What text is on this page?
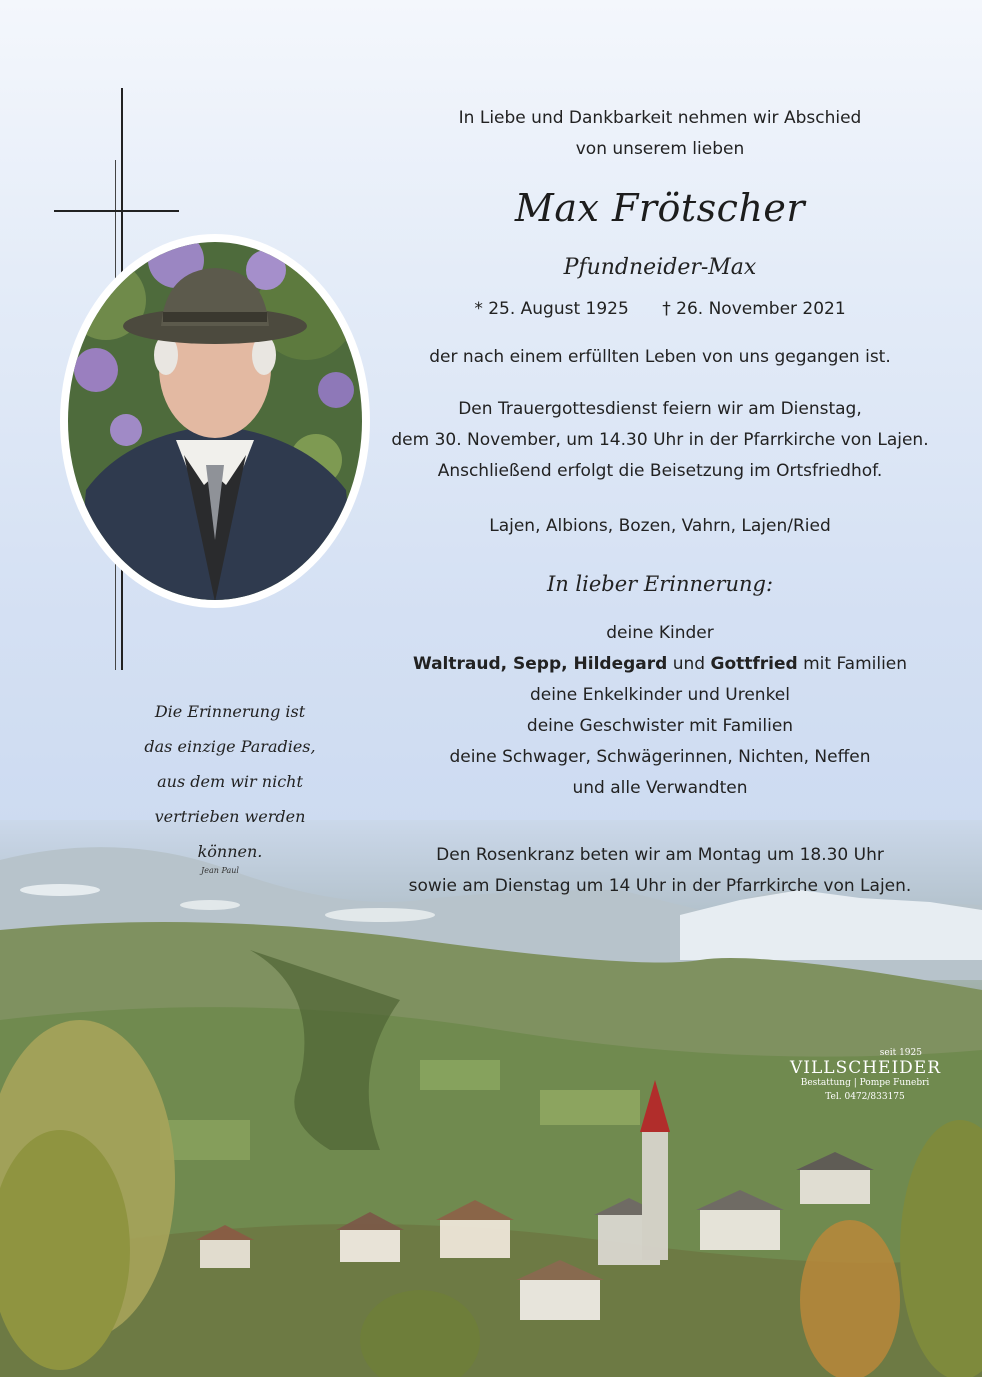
In Liebe und Dankbarkeit nehmen wir Abschied
von unserem lieben
Max Frötscher
Pfundneider-Max
* 25. August 1925 † 26. November 2021
der nach einem erfüllten Leben von uns gegangen ist.
Den Trauergottesdienst feiern wir am Dienstag,
dem 30. November, um 14.30 Uhr in der Pfarrkirche von Lajen.
Anschließend erfolgt die Beisetzung im Ortsfriedhof.
Lajen, Albions, Bozen, Vahrn, Lajen/Ried
In lieber Erinnerung:
deine Kinder
Waltraud, Sepp, Hildegard und Gottfried mit Familien
deine Enkelkinder und Urenkel
deine Geschwister mit Familien
deine Schwager, Schwägerinnen, Nichten, Neffen
und alle Verwandten
Den Rosenkranz beten wir am Montag um 18.30 Uhr
sowie am Dienstag um 14 Uhr in der Pfarrkirche von Lajen.
Die Erinnerung ist
das einzige Paradies,
aus dem wir nicht
vertrieben werden
können.
Jean Paul
seit 1925
VILLSCHEIDER
Bestattung | Pompe Funebri
Tel. 0472/833175
